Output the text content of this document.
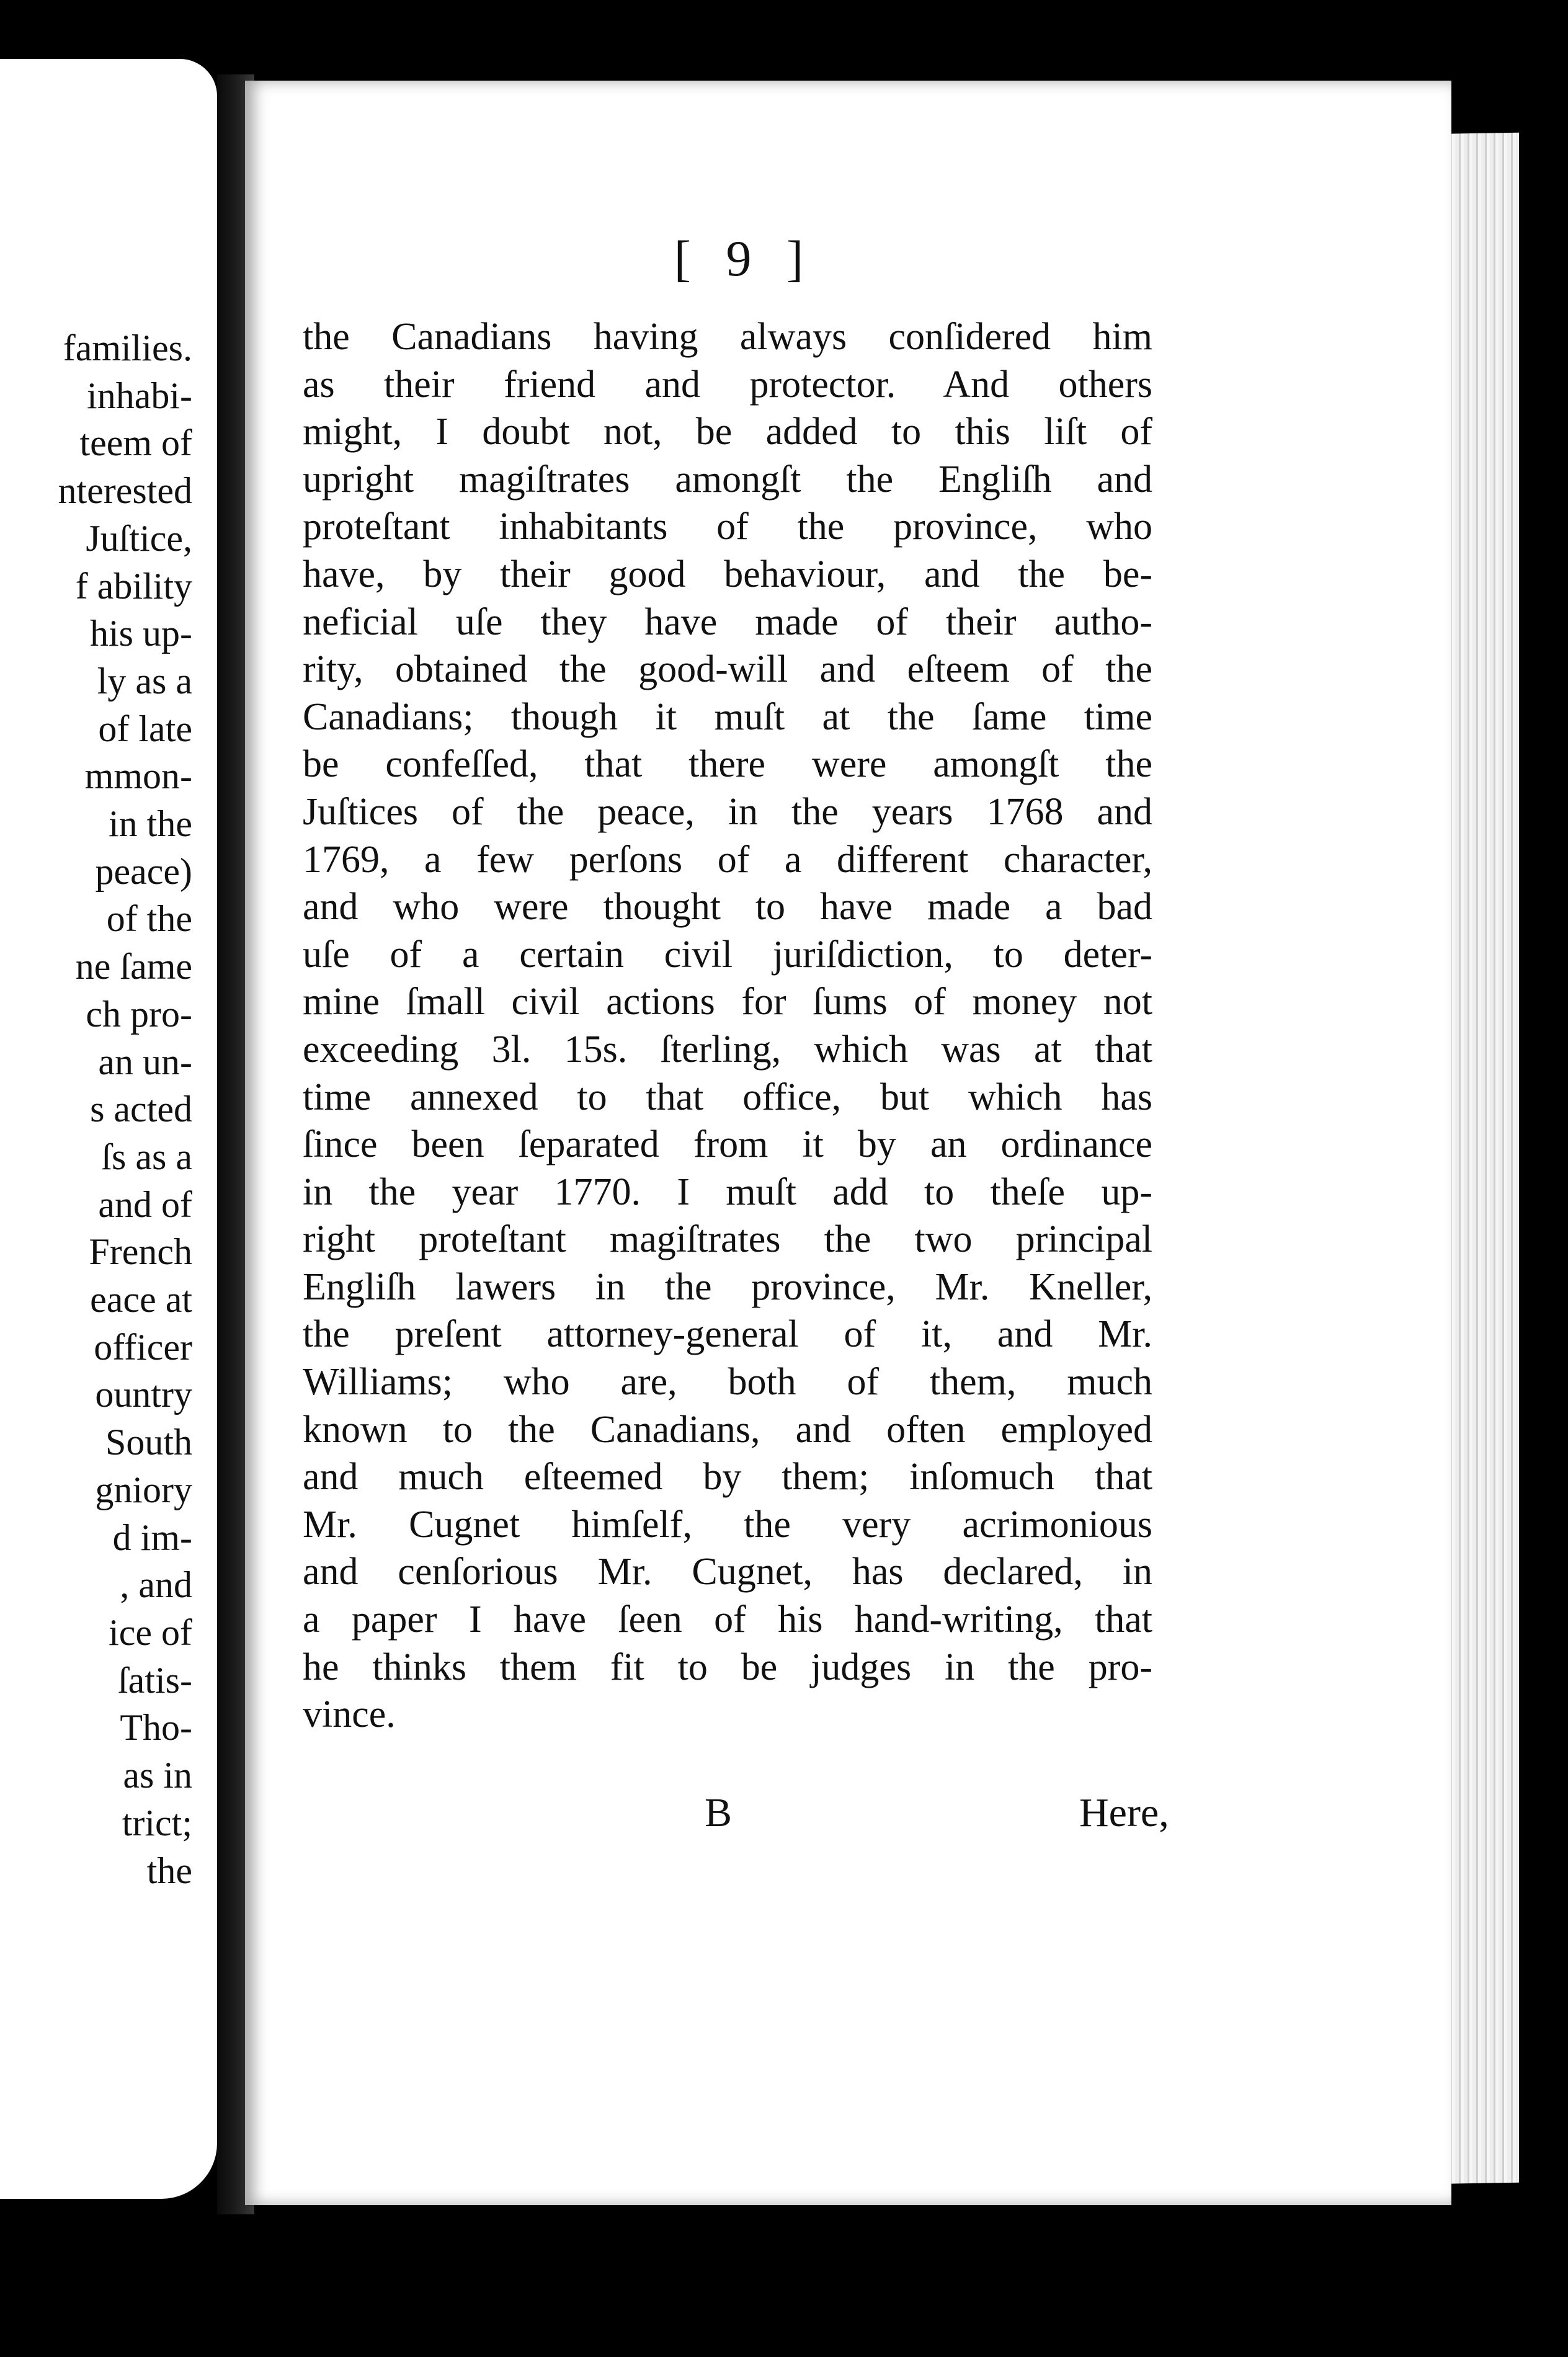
families.
inhabi-
teem of
nterested
Juſtice,
f ability
his up-
ly as a
of late
mmon-
in the
peace)
of the
ne ſame
ch pro-
an un-
s acted
ſs as a
and of
French
eace at
officer
ountry
South
gniory
d im-
, and
ice of
ſatis-
Tho-
as in
trict;
the
[ 9 ]
the Canadians having always conſidered him
as their friend and protector. And others
might, I doubt not, be added to this liſt of
upright magiſtrates amongſt the Engliſh and
proteſtant inhabitants of the province, who
have, by their good behaviour, and the be-
neficial uſe they have made of their autho-
rity, obtained the good-will and eſteem of the
Canadians; though it muſt at the ſame time
be confeſſed, that there were amongſt the
Juſtices of the peace, in the years 1768 and
1769, a few perſons of a different character,
and who were thought to have made a bad
uſe of a certain civil juriſdiction, to deter-
mine ſmall civil actions for ſums of money not
exceeding 3l. 15s. ſterling, which was at that
time annexed to that office, but which has
ſince been ſeparated from it by an ordinance
in the year 1770. I muſt add to theſe up-
right proteſtant magiſtrates the two principal
Engliſh lawers in the province, Mr. Kneller,
the preſent attorney-general of it, and Mr.
Williams; who are, both of them, much
known to the Canadians, and often employed
and much eſteemed by them; inſomuch that
Mr. Cugnet himſelf, the very acrimonious
and cenſorious Mr. Cugnet, has declared, in
a paper I have ſeen of his hand-writing, that
he thinks them fit to be judges in the pro-
vince.
B	Here,
